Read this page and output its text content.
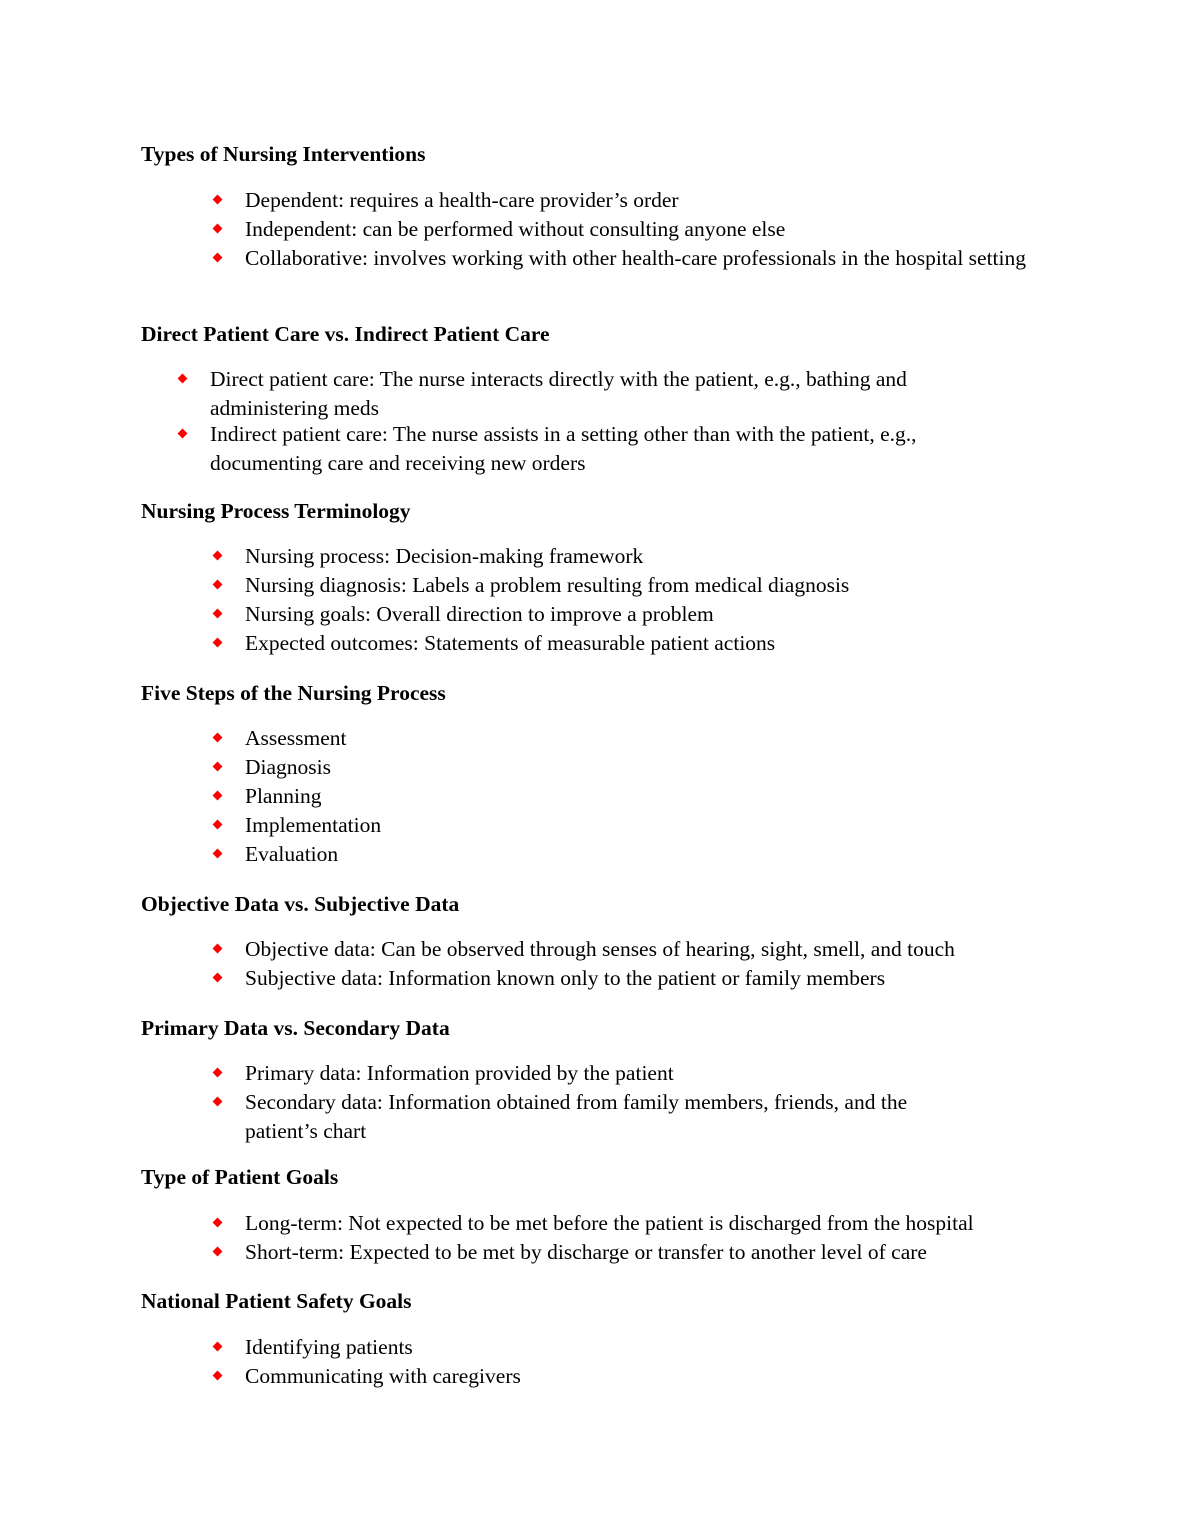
Types of Nursing Interventions
Dependent: requires a health-care provider’s order
Independent: can be performed without consulting anyone else
Collaborative: involves working with other health-care professionals in the hospital setting
Direct Patient Care vs. Indirect Patient Care
Direct patient care: The nurse interacts directly with the patient, e.g., bathing and administering meds
Indirect patient care: The nurse assists in a setting other than with the patient, e.g., documenting care and receiving new orders
Nursing Process Terminology
Nursing process: Decision-making framework
Nursing diagnosis: Labels a problem resulting from medical diagnosis
Nursing goals: Overall direction to improve a problem
Expected outcomes: Statements of measurable patient actions
Five Steps of the Nursing Process
Assessment
Diagnosis
Planning
Implementation
Evaluation
Objective Data vs. Subjective Data
Objective data: Can be observed through senses of hearing, sight, smell, and touch
Subjective data: Information known only to the patient or family members
Primary Data vs. Secondary Data
Primary data: Information provided by the patient
Secondary data: Information obtained from family members, friends, and the patient’s chart
Type of Patient Goals
Long-term: Not expected to be met before the patient is discharged from the hospital
Short-term: Expected to be met by discharge or transfer to another level of care
National Patient Safety Goals
Identifying patients
Communicating with caregivers
